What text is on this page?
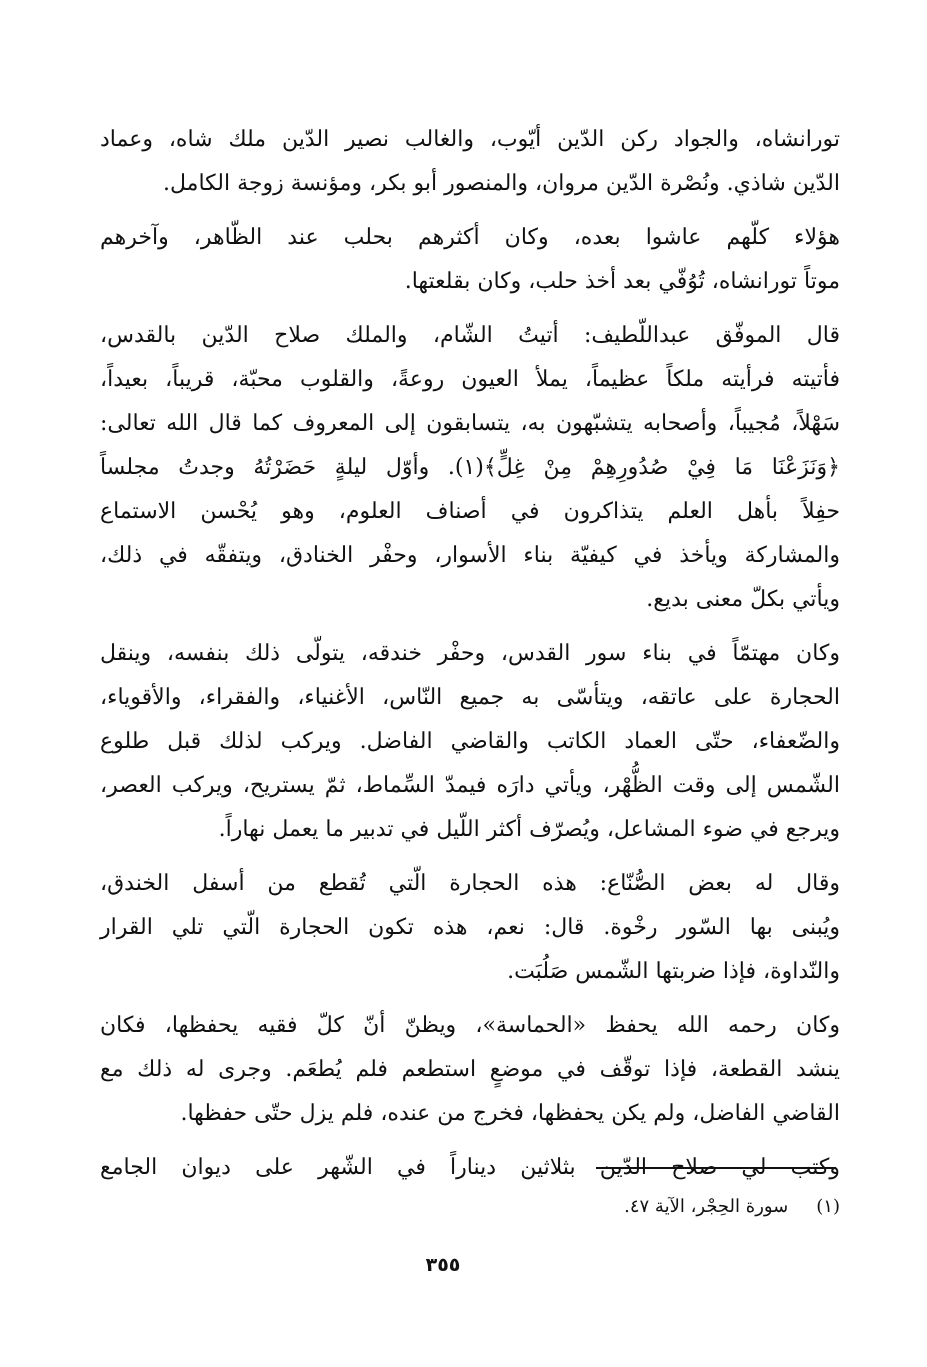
تورانشاه، والجواد ركن الدّين أيّوب، والغالب نصير الدّين ملك شاه، وعماد
الدّين شاذي. ونُصْرة الدّين مروان، والمنصور أبو بكر، ومؤنسة زوجة الكامل.
هؤلاء كلّهم عاشوا بعده، وكان أكثرهم بحلب عند الظّاهر، وآخرهم
موتاً تورانشاه، تُوُفّي بعد أخذ حلب، وكان بقلعتها.
قال الموفّق عبداللّطيف: أتيتُ الشّام، والملك صلاح الدّين بالقدس،
فأتيته فرأيته ملكاً عظيماً، يملأ العيون روعةً، والقلوب محبّة، قريباً، بعيداً،
سَهْلاً، مُجيباً، وأصحابه يتشبّهون به، يتسابقون إلى المعروف كما قال الله تعالى:
﴿وَنَزَعْنَا مَا فِيْ صُدُورِهِمْ مِنْ غِلٍّ﴾(١). وأوّل ليلةٍ حَضَرْتُهُ وجدتُ مجلساً
حفِلاً بأهل العلم يتذاكرون في أصناف العلوم، وهو يُحْسن الاستماع
والمشاركة ويأخذ في كيفيّة بناء الأسوار، وحفْر الخنادق، ويتفقّه في ذلك،
ويأتي بكلّ معنى بديع.
وكان مهتمّاً في بناء سور القدس، وحفْر خندقه، يتولّى ذلك بنفسه، وينقل
الحجارة على عاتقه، ويتأسّى به جميع النّاس، الأغنياء، والفقراء، والأقوياء،
والضّعفاء، حتّى العماد الكاتب والقاضي الفاضل. ويركب لذلك قبل طلوع
الشّمس إلى وقت الظُّهْر، ويأتي دارَه فيمدّ السِّماط، ثمّ يستريح، ويركب العصر،
ويرجع في ضوء المشاعل، ويُصرّف أكثر اللّيل في تدبير ما يعمل نهاراً.
وقال له بعض الصُّنّاع: هذه الحجارة الّتي تُقطع من أسفل الخندق،
ويُبنى بها السّور رخْوة. قال: نعم، هذه تكون الحجارة الّتي تلي القرار
والنّداوة، فإذا ضربتها الشّمس صَلُبَت.
وكان رحمه الله يحفظ «الحماسة»، ويظنّ أنّ كلّ فقيه يحفظها، فكان
ينشد القطعة، فإذا توقّف في موضعٍ استطعم فلم يُطعَم. وجرى له ذلك مع
القاضي الفاضل، ولم يكن يحفظها، فخرج من عنده، فلم يزل حتّى حفظها.
وكتب لي صلاح الدّين بثلاثين ديناراً في الشّهر على ديوان الجامع
(١)سورة الحِجْر، الآية ٤٧.
٣٥٥
